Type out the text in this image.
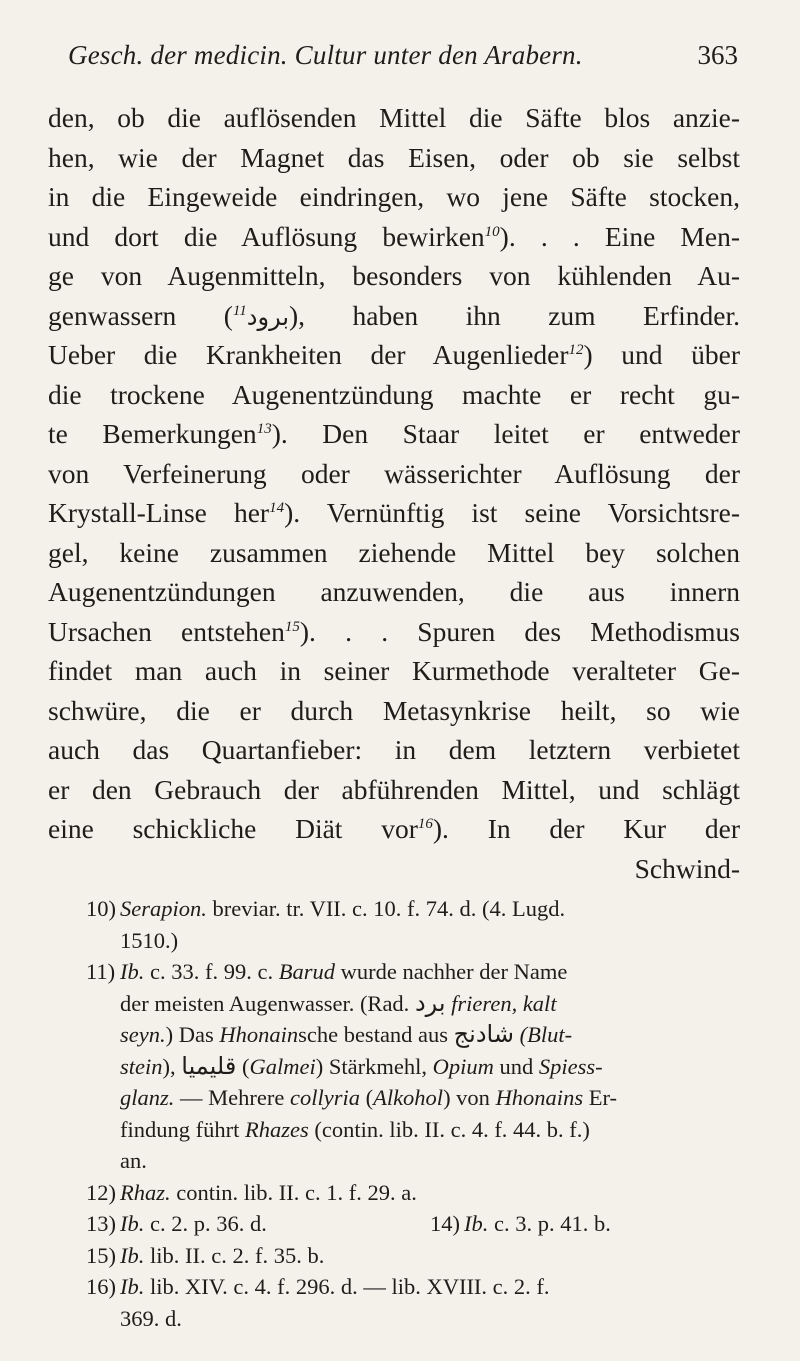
Gesch. der medicin. Cultur unter den Arabern.	363
den, ob die auflösenden Mittel die Säfte blos anzie-
hen, wie der Magnet das Eisen, oder ob sie selbst
in die Eingeweide eindringen, wo jene Säfte stocken,
und dort die Auflösung bewirken$^{10}$). . . Eine Men-
ge von Augenmitteln, besonders von kühlenden Au-
genwassern ( برود$^{11}$ ), haben ihn zum Erfinder.
Ueber die Krankheiten der Augenlieder$^{12}$) und über
die trockene Augenentzündung machte er recht gu-
te Bemerkungen$^{13}$). Den Staar leitet er entweder
von Verfeinerung oder wässerichter Auflösung der
Krystall-Linse her$^{14}$). Vernünftig ist seine Vorsichtsre-
gel, keine zusammen ziehende Mittel bey solchen
Augenentzündungen anzuwenden, die aus innern
Ursachen entstehen$^{15}$). . . Spuren des Methodismus
findet man auch in seiner Kurmethode veralteter Ge-
schwüre, die er durch Metasynkrise heilt, so wie
auch das Quartanfieber: in dem letztern verbietet
er den Gebrauch der abführenden Mittel, und schlägt
eine schickliche Diät vor$^{16}$). In der Kur der
Schwind-
10) Serapion. breviar. tr. VII. c. 10. f. 74. d. (4. Lugd.
1510.)
11) Ib. c. 33. f. 99. c. Barud wurde nachher der Name
der meisten Augenwasser. (Rad. برد frieren, kalt
seyn.) Das Hhonainsche bestand aus شادنج (Blut-
stein), قليميا (Galmei) Stärkmehl, Opium und Spiess-
glanz. — Mehrere collyria (Alkohol) von Hhonains Er-
findung führt Rhazes (contin. lib. II. c. 4. f. 44. b. f.)
an.
12) Rhaz. contin. lib. II. c. 1. f. 29. a.
13) Ib. c. 2. p. 36. d.	14) Ib. c. 3. p. 41. b.
15) Ib. lib. II. c. 2. f. 35. b.
16) Ib. lib. XIV. c. 4. f. 296. d. — lib. XVIII. c. 2. f.
369. d.
